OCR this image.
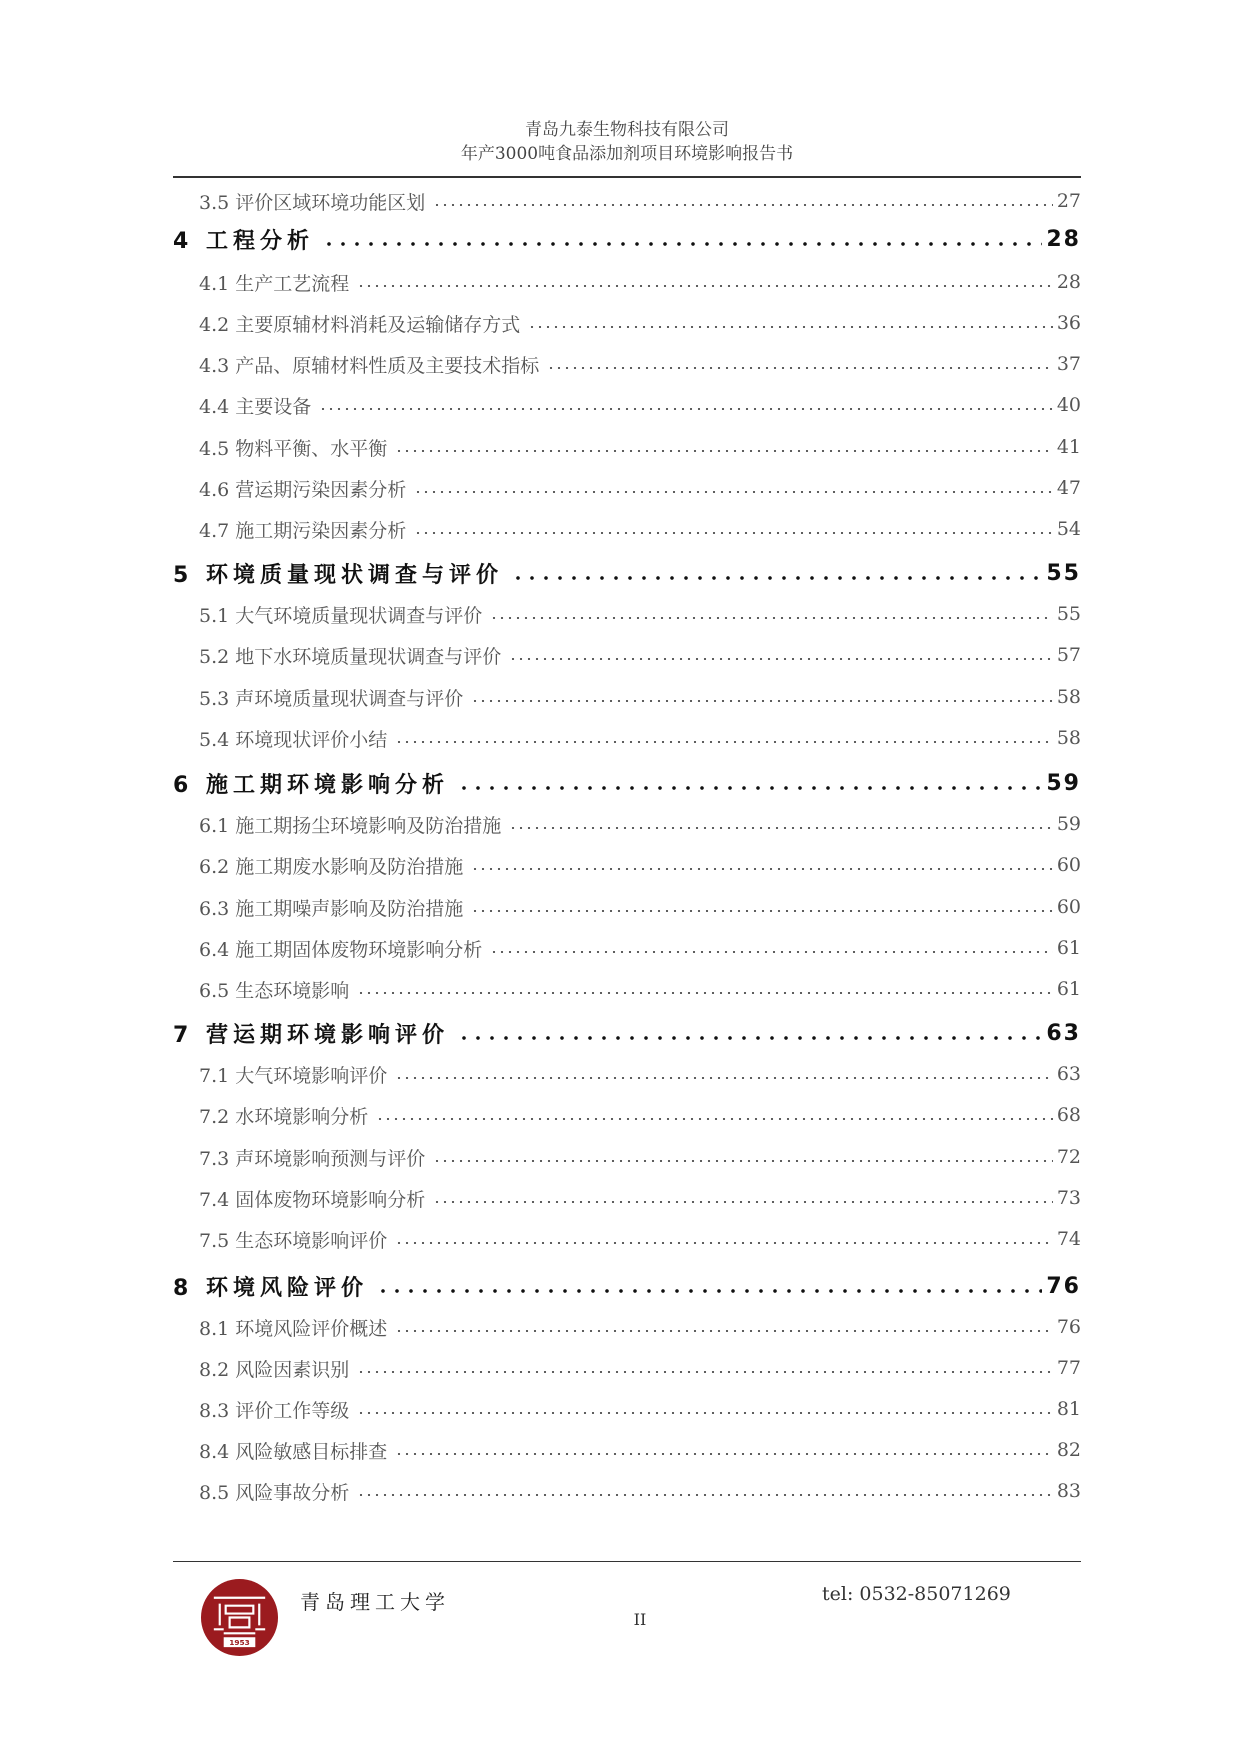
青岛九泰生物科技有限公司
年产3000吨食品添加剂项目环境影响报告书
3.5 评价区域环境功能区划	27
4 工程分析	28
4.1 生产工艺流程	28
4.2 主要原辅材料消耗及运输储存方式	36
4.3 产品、原辅材料性质及主要技术指标	37
4.4 主要设备	40
4.5 物料平衡、水平衡	41
4.6 营运期污染因素分析	47
4.7 施工期污染因素分析	54
5 环境质量现状调查与评价	55
5.1 大气环境质量现状调查与评价	55
5.2 地下水环境质量现状调查与评价	57
5.3 声环境质量现状调查与评价	58
5.4 环境现状评价小结	58
6 施工期环境影响分析	59
6.1 施工期扬尘环境影响及防治措施	59
6.2 施工期废水影响及防治措施	60
6.3 施工期噪声影响及防治措施	60
6.4 施工期固体废物环境影响分析	61
6.5 生态环境影响	61
7 营运期环境影响评价	63
7.1 大气环境影响评价	63
7.2 水环境影响分析	68
7.3 声环境影响预测与评价	72
7.4 固体废物环境影响分析	73
7.5 生态环境影响评价	74
8 环境风险评价	76
8.1 环境风险评价概述	76
8.2 风险因素识别	77
8.3 评价工作等级	81
8.4 风险敏感目标排查	82
8.5 风险事故分析	83
1953
青岛理工大学	tel: 0532-85071269
II
